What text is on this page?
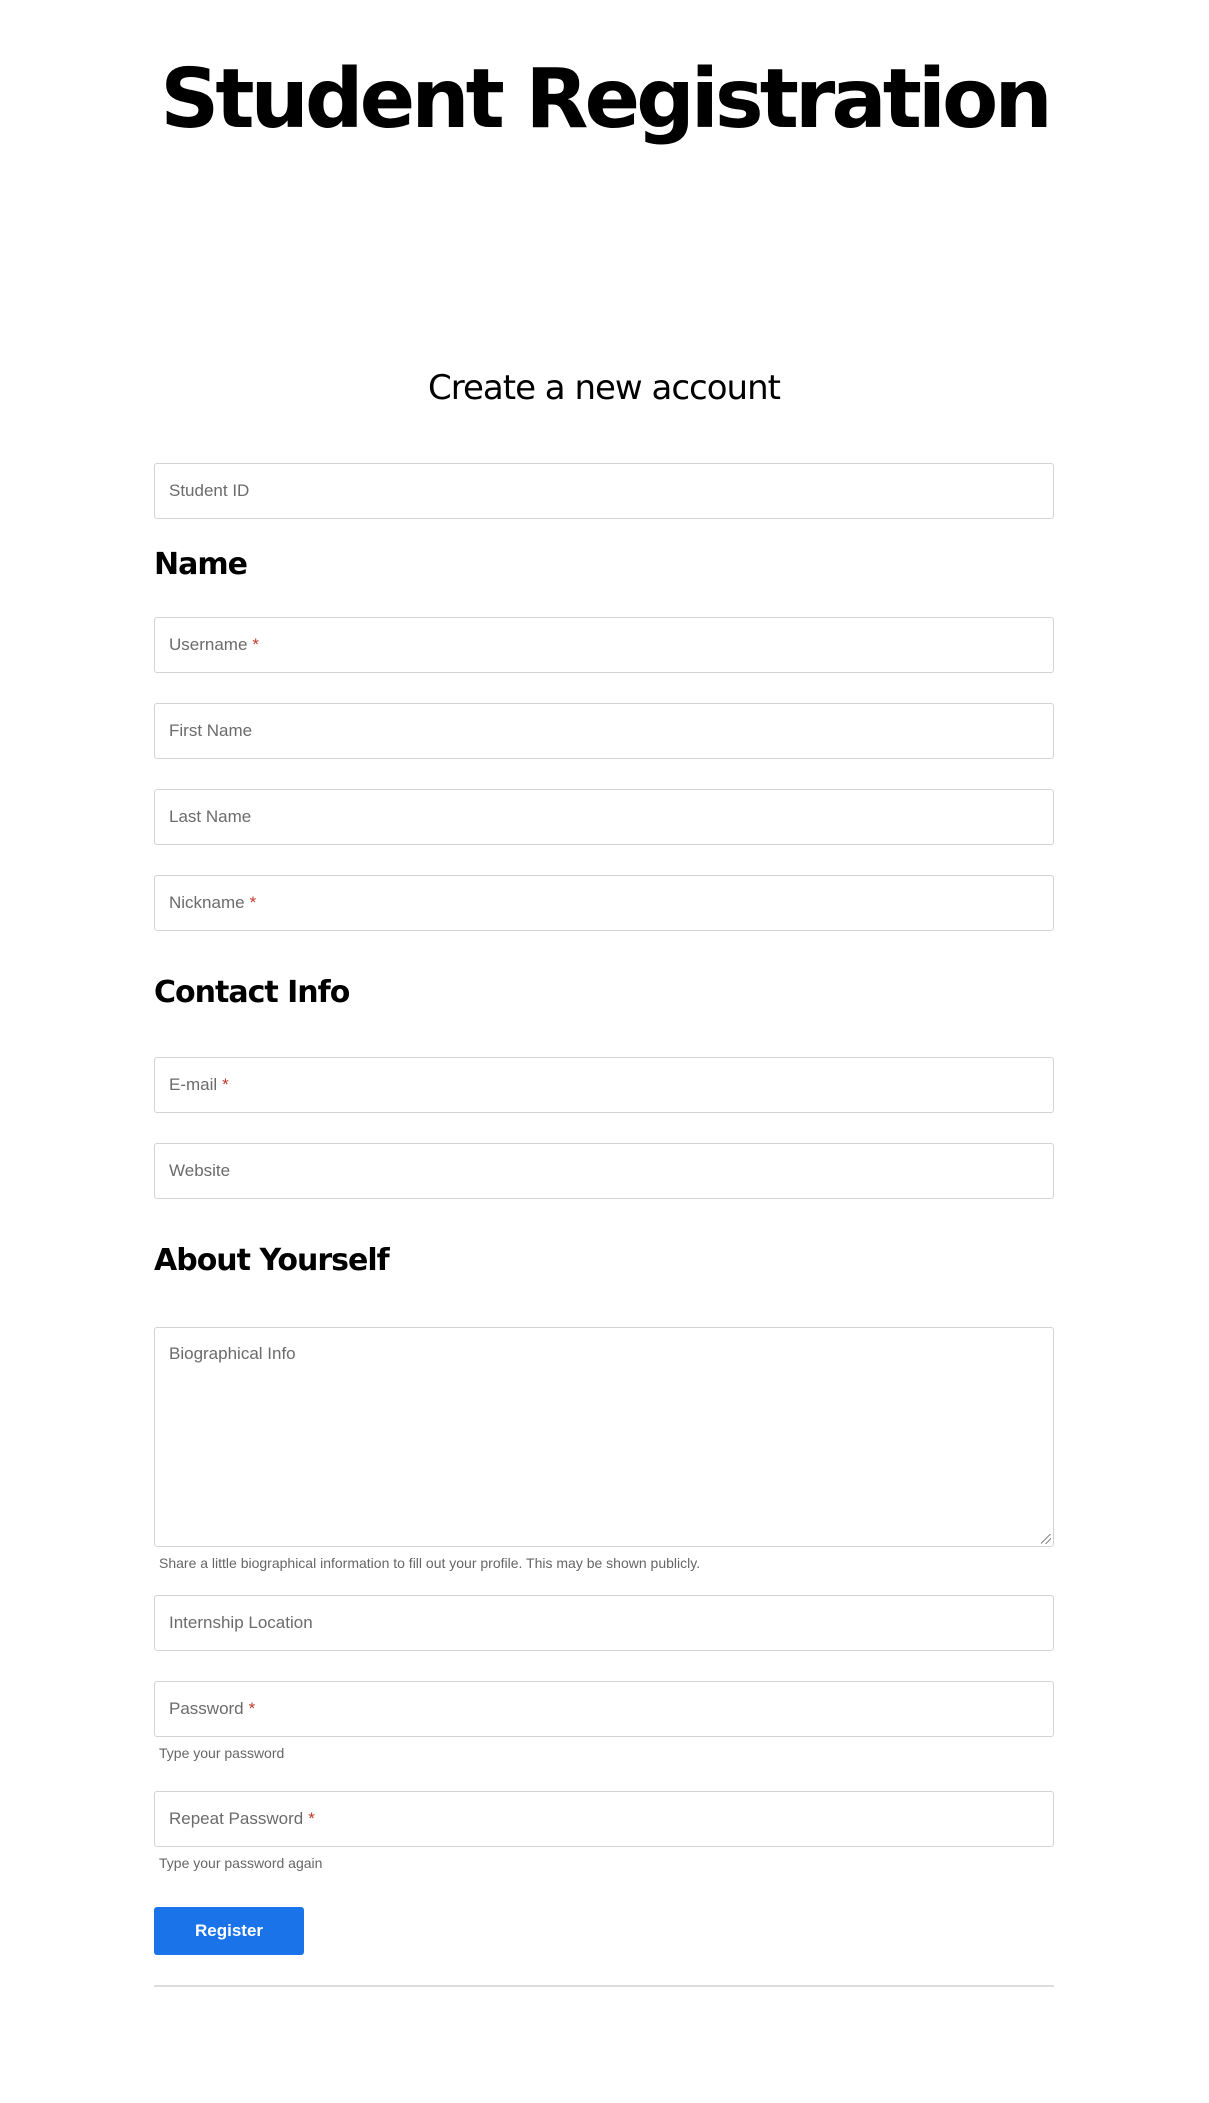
Student Registration
Create a new account
Student ID
Name
Username *
First Name
Last Name
Nickname *
Contact Info
E-mail *
Website
About Yourself
Biographical Info
Share a little biographical information to fill out your profile. This may be shown publicly.
Internship Location
Password *
Type your password
Repeat Password *
Type your password again
Register
